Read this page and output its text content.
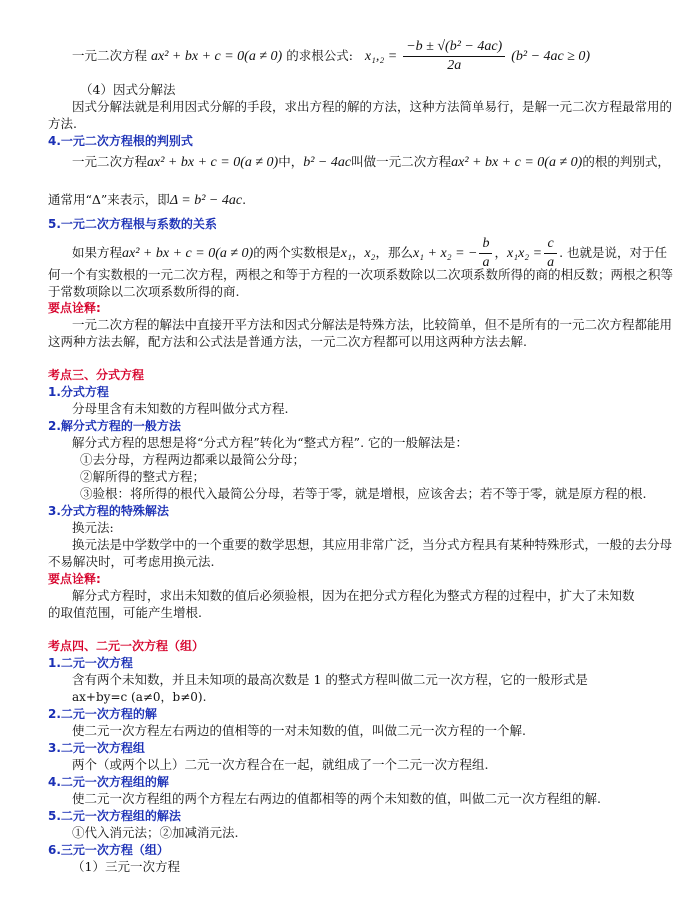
一元二次方程 ax² + bx + c = 0(a ≠ 0) 的求根公式: $x_1,_2 = \frac{\text{−b ± √(b² − 4ac)}}{2a} (b^2 - 4ac \ge 0)$
（4）因式分解法
因式分解法就是利用因式分解的手段，求出方程的解的方法，这种方法简单易行，是解一元二次方程最常用的
方法.
4.一元二次方程根的判别式
一元二次方程ax² + bx + c = 0(a ≠ 0)中，b² − 4ac叫做一元二次方程ax² + bx + c = 0(a ≠ 0)的根的判别式，
通常用“Δ”来表示，即Δ = b² − 4ac.
5.一元二次方程根与系数的关系
如果方程ax² + bx + c = 0(a ≠ 0)的两个实数根是x₁，x₂，那么x₁ + x₂ = − $\frac{b}{a}$ ，$x_1x_2 = \frac{c}{a}$ . 也就是说，对于任
何一个有实数根的一元二次方程，两根之和等于方程的一次项系数除以二次项系数所得的商的相反数；两根之积等
于常数项除以二次项系数所得的商.
要点诠释:
一元二次方程的解法中直接开平方法和因式分解法是特殊方法，比较简单，但不是所有的一元二次方程都能用
这两种方法去解，配方法和公式法是普通方法，一元二次方程都可以用这两种方法去解.
考点三、分式方程
1.分式方程
分母里含有未知数的方程叫做分式方程.
2.解分式方程的一般方法
解分式方程的思想是将“分式方程”转化为“整式方程”. 它的一般解法是：
①去分母，方程两边都乘以最简公分母；
②解所得的整式方程；
③验根：将所得的根代入最简公分母，若等于零，就是增根，应该舍去；若不等于零，就是原方程的根.
3.分式方程的特殊解法
换元法:
换元法是中学数学中的一个重要的数学思想，其应用非常广泛，当分式方程具有某种特殊形式，一般的去分母
不易解决时，可考虑用换元法.
要点诠释:
解分式方程时，求出未知数的值后必须验根，因为在把分式方程化为整式方程的过程中，扩大了未知数
的取值范围，可能产生增根.
考点四、二元一次方程（组）
1.二元一次方程
含有两个未知数，并且未知项的最高次数是 1 的整式方程叫做二元一次方程，它的一般形式是
ax+by=c (a≠0，b≠0).
2.二元一次方程的解
使二元一次方程左右两边的值相等的一对未知数的值，叫做二元一次方程的一个解.
3.二元一次方程组
两个（或两个以上）二元一次方程合在一起，就组成了一个二元一次方程组.
4.二元一次方程组的解
使二元一次方程组的两个方程左右两边的值都相等的两个未知数的值，叫做二元一次方程组的解.
5.二元一次方程组的解法
①代入消元法；②加减消元法.
6.三元一次方程（组）
（1）三元一次方程
